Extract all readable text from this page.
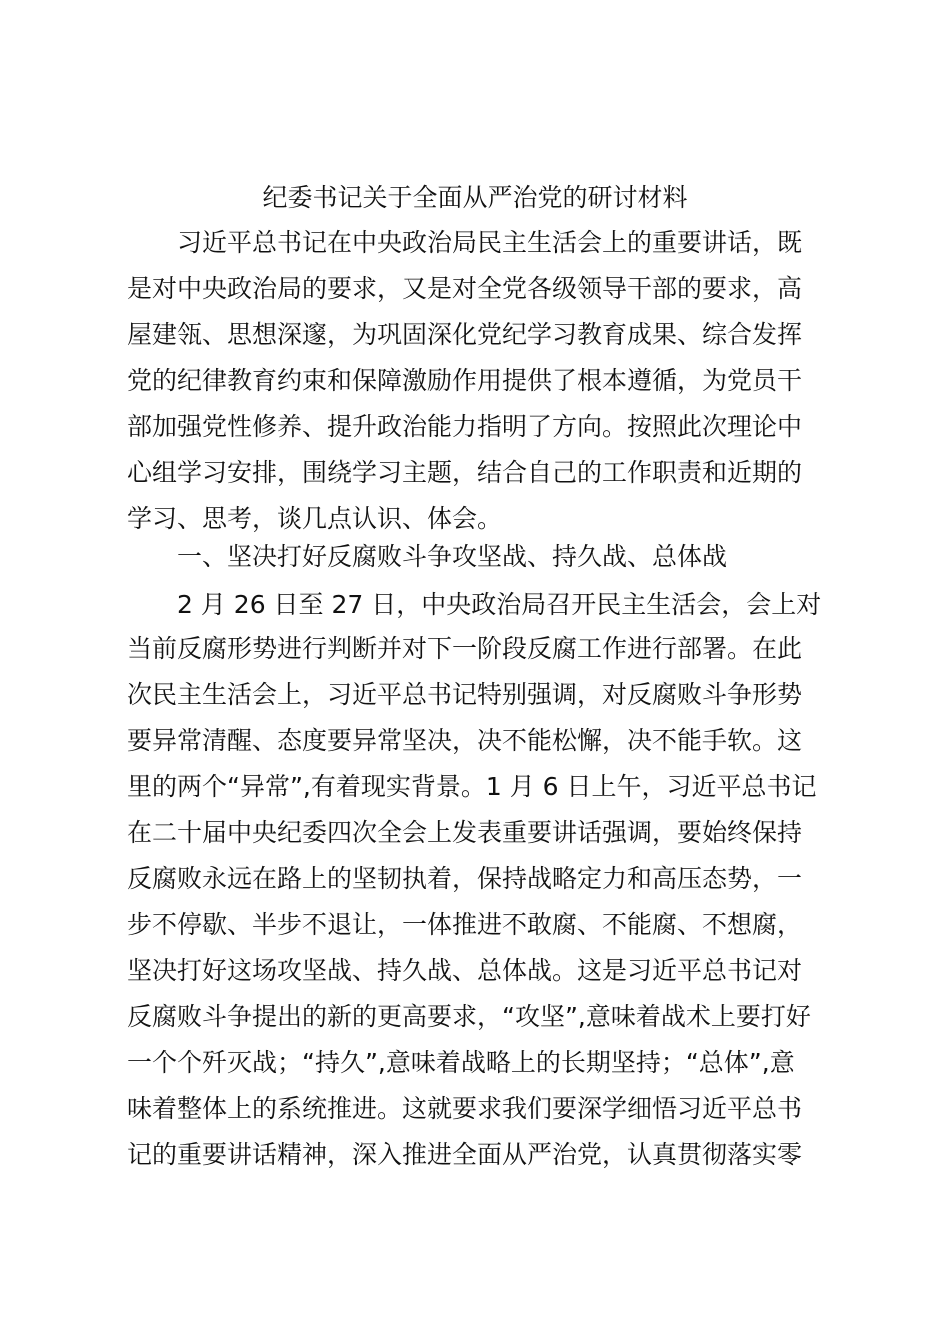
纪委书记关于全面从严治党的研讨材料
习近平总书记在中央政治局民主生活会上的重要讲话，既
是对中央政治局的要求，又是对全党各级领导干部的要求，高
屋建瓴、思想深邃，为巩固深化党纪学习教育成果、综合发挥
党的纪律教育约束和保障激励作用提供了根本遵循，为党员干
部加强党性修养、提升政治能力指明了方向。按照此次理论中
心组学习安排，围绕学习主题，结合自己的工作职责和近期的
学习、思考，谈几点认识、体会。
一、坚决打好反腐败斗争攻坚战、持久战、总体战
2 月 26 日至 27 日，中央政治局召开民主生活会，会上对
当前反腐形势进行判断并对下一阶段反腐工作进行部署。在此
次民主生活会上，习近平总书记特别强调，对反腐败斗争形势
要异常清醒、态度要异常坚决，决不能松懈，决不能手软。这
里的两个“异常”,有着现实背景。1 月 6 日上午，习近平总书记
在二十届中央纪委四次全会上发表重要讲话强调，要始终保持
反腐败永远在路上的坚韧执着，保持战略定力和高压态势，一
步不停歇、半步不退让，一体推进不敢腐、不能腐、不想腐，
坚决打好这场攻坚战、持久战、总体战。这是习近平总书记对
反腐败斗争提出的新的更高要求，“攻坚”,意味着战术上要打好
一个个歼灭战；“持久”,意味着战略上的长期坚持；“总体”,意
味着整体上的系统推进。这就要求我们要深学细悟习近平总书
记的重要讲话精神，深入推进全面从严治党，认真贯彻落实零
